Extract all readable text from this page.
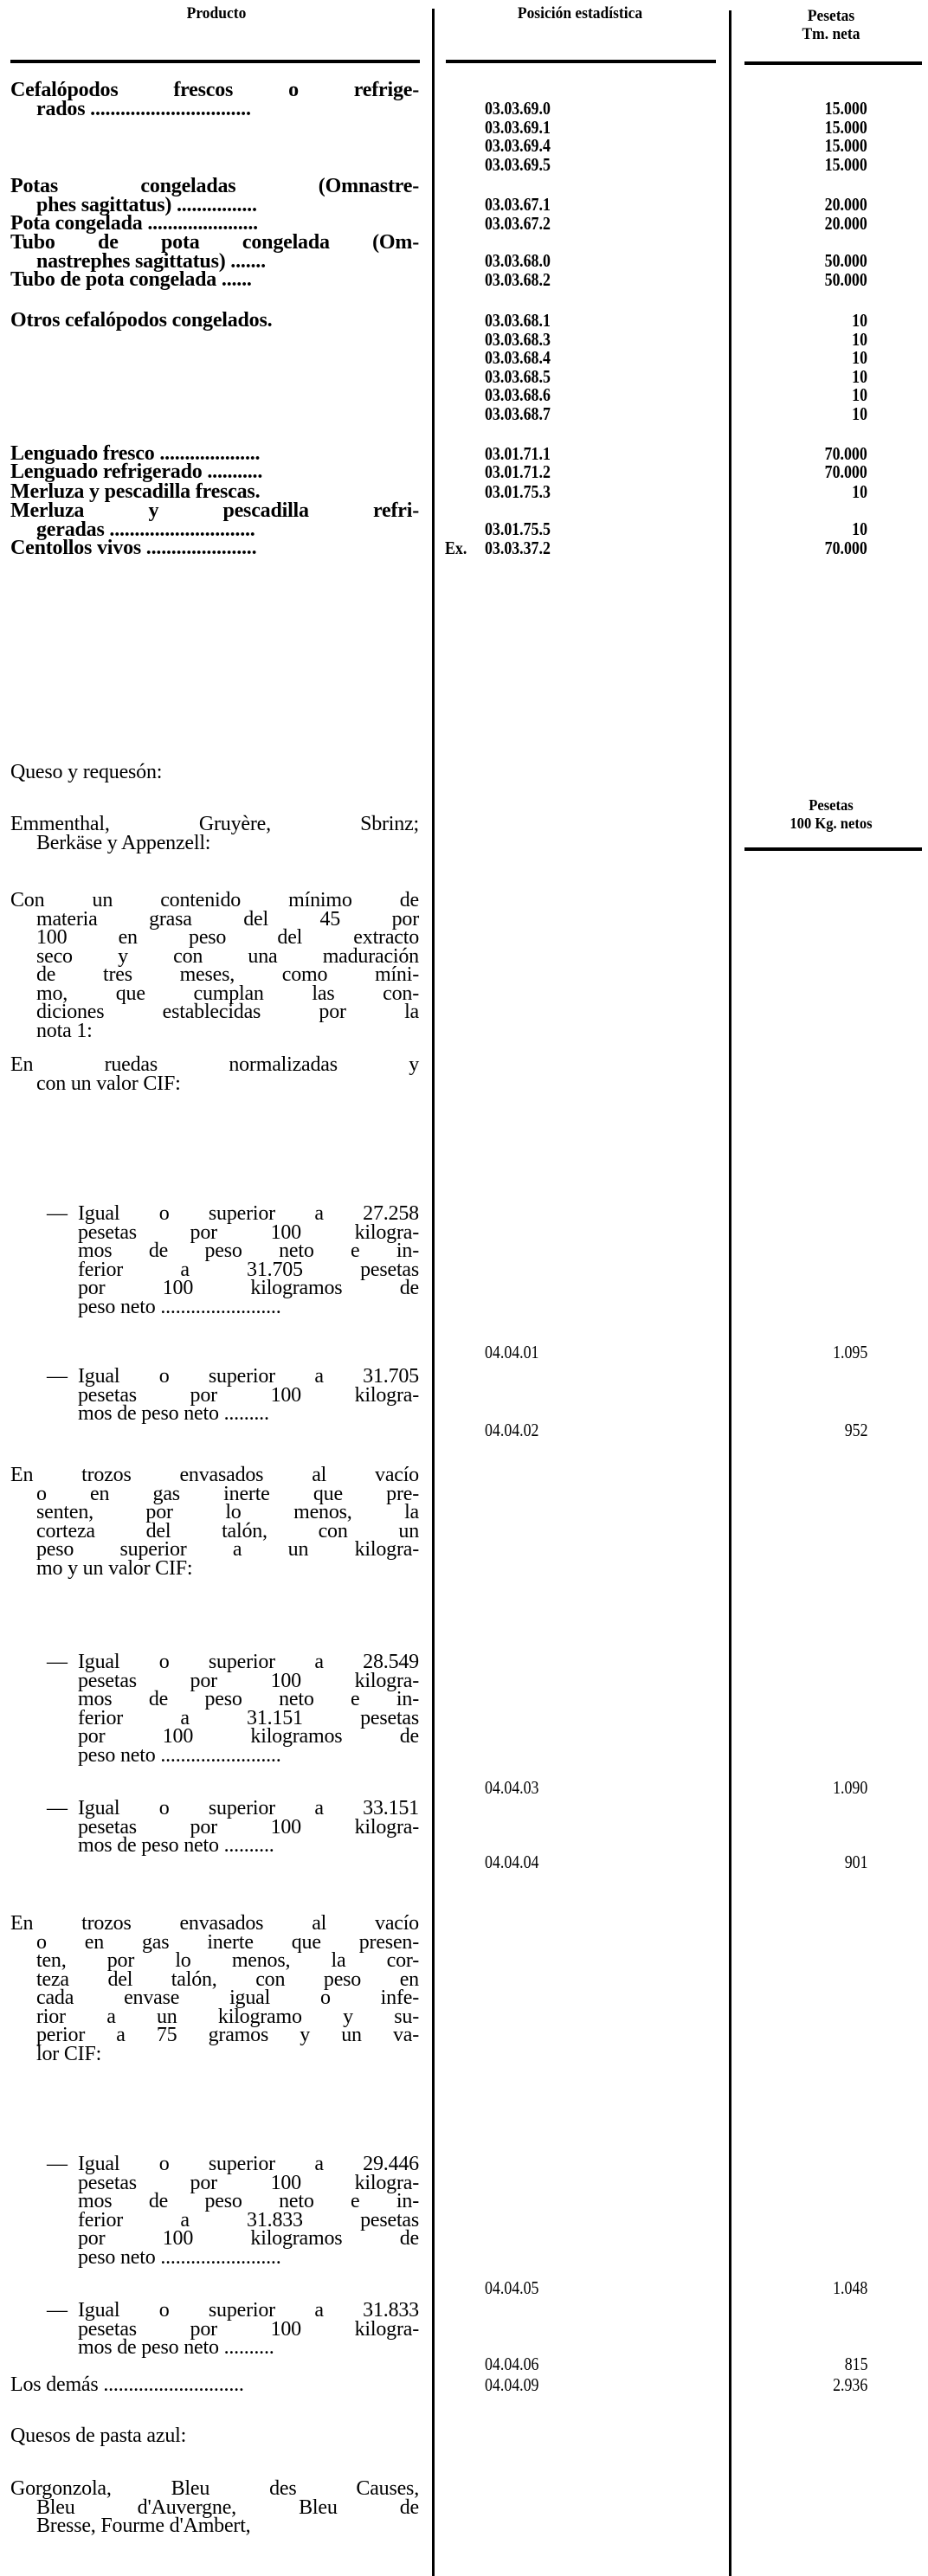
Producto	Posición estadística	Pesetas
Tm. neta
Pesetas
100 Kg. netos
Cefalópodos frescos o refrige-
rados ................................	03.03.69.0	15.000
03.03.69.1	15.000
03.03.69.4	15.000
03.03.69.5	15.000
Potas congeladas (Omnastre-
phes sagittatus) ................	03.03.67.1	20.000
Pota congelada ......................	03.03.67.2	20.000
Tubo de pota congelada (Om-
nastrephes sagittatus) .......	03.03.68.0	50.000
Tubo de pota congelada ......	03.03.68.2	50.000
Otros cefalópodos congelados.	03.03.68.1	10
03.03.68.3	10
03.03.68.4	10
03.03.68.5	10
03.03.68.6	10
03.03.68.7	10
Lenguado fresco ....................	03.01.71.1	70.000
Lenguado refrigerado ...........	03.01.71.2	70.000
Merluza y pescadilla frescas.	03.01.75.3	10
Merluza y pescadilla refri-
geradas .............................	03.01.75.5	10
Centollos vivos ......................	Ex. 03.03.37.2	70.000
Queso y requesón:
Emmenthal, Gruyère, Sbrinz;
Berkäse y Appenzell:
Con un contenido mínimo de
materia grasa del 45 por
100 en peso del extracto
seco y con una maduración
de tres meses, como míni-
mo, que cumplan las con-
diciones establecidas por la
nota 1:
En ruedas normalizadas y
con un valor CIF:
— Igual o superior a 27.258
pesetas por 100 kilogra-
mos de peso neto e in-
ferior a 31.705 pesetas
por 100 kilogramos de
peso neto ........................
04.04.01	1.095
— Igual o superior a 31.705
pesetas por 100 kilogra-
mos de peso neto .........
04.04.02	952
En trozos envasados al vacío
o en gas inerte que pre-
senten, por lo menos, la
corteza del talón, con un
peso superior a un kilogra-
mo y un valor CIF:
— Igual o superior a 28.549
pesetas por 100 kilogra-
mos de peso neto e in-
ferior a 31.151 pesetas
por 100 kilogramos de
peso neto ........................
04.04.03	1.090
— Igual o superior a 33.151
pesetas por 100 kilogra-
mos de peso neto ..........
04.04.04	901
En trozos envasados al vacío
o en gas inerte que presen-
ten, por lo menos, la cor-
teza del talón, con peso en
cada envase igual o infe-
rior a un kilogramo y su-
perior a 75 gramos y un va-
lor CIF:
— Igual o superior a 29.446
pesetas por 100 kilogra-
mos de peso neto e in-
ferior a 31.833 pesetas
por 100 kilogramos de
peso neto ........................
04.04.05	1.048
— Igual o superior a 31.833
pesetas por 100 kilogra-
mos de peso neto ..........
04.04.06	815
Los demás ............................	04.04.09	2.936
Quesos de pasta azul:
Gorgonzola, Bleu des Causes,
Bleu d'Auvergne, Bleu de
Bresse, Fourme d'Ambert,
